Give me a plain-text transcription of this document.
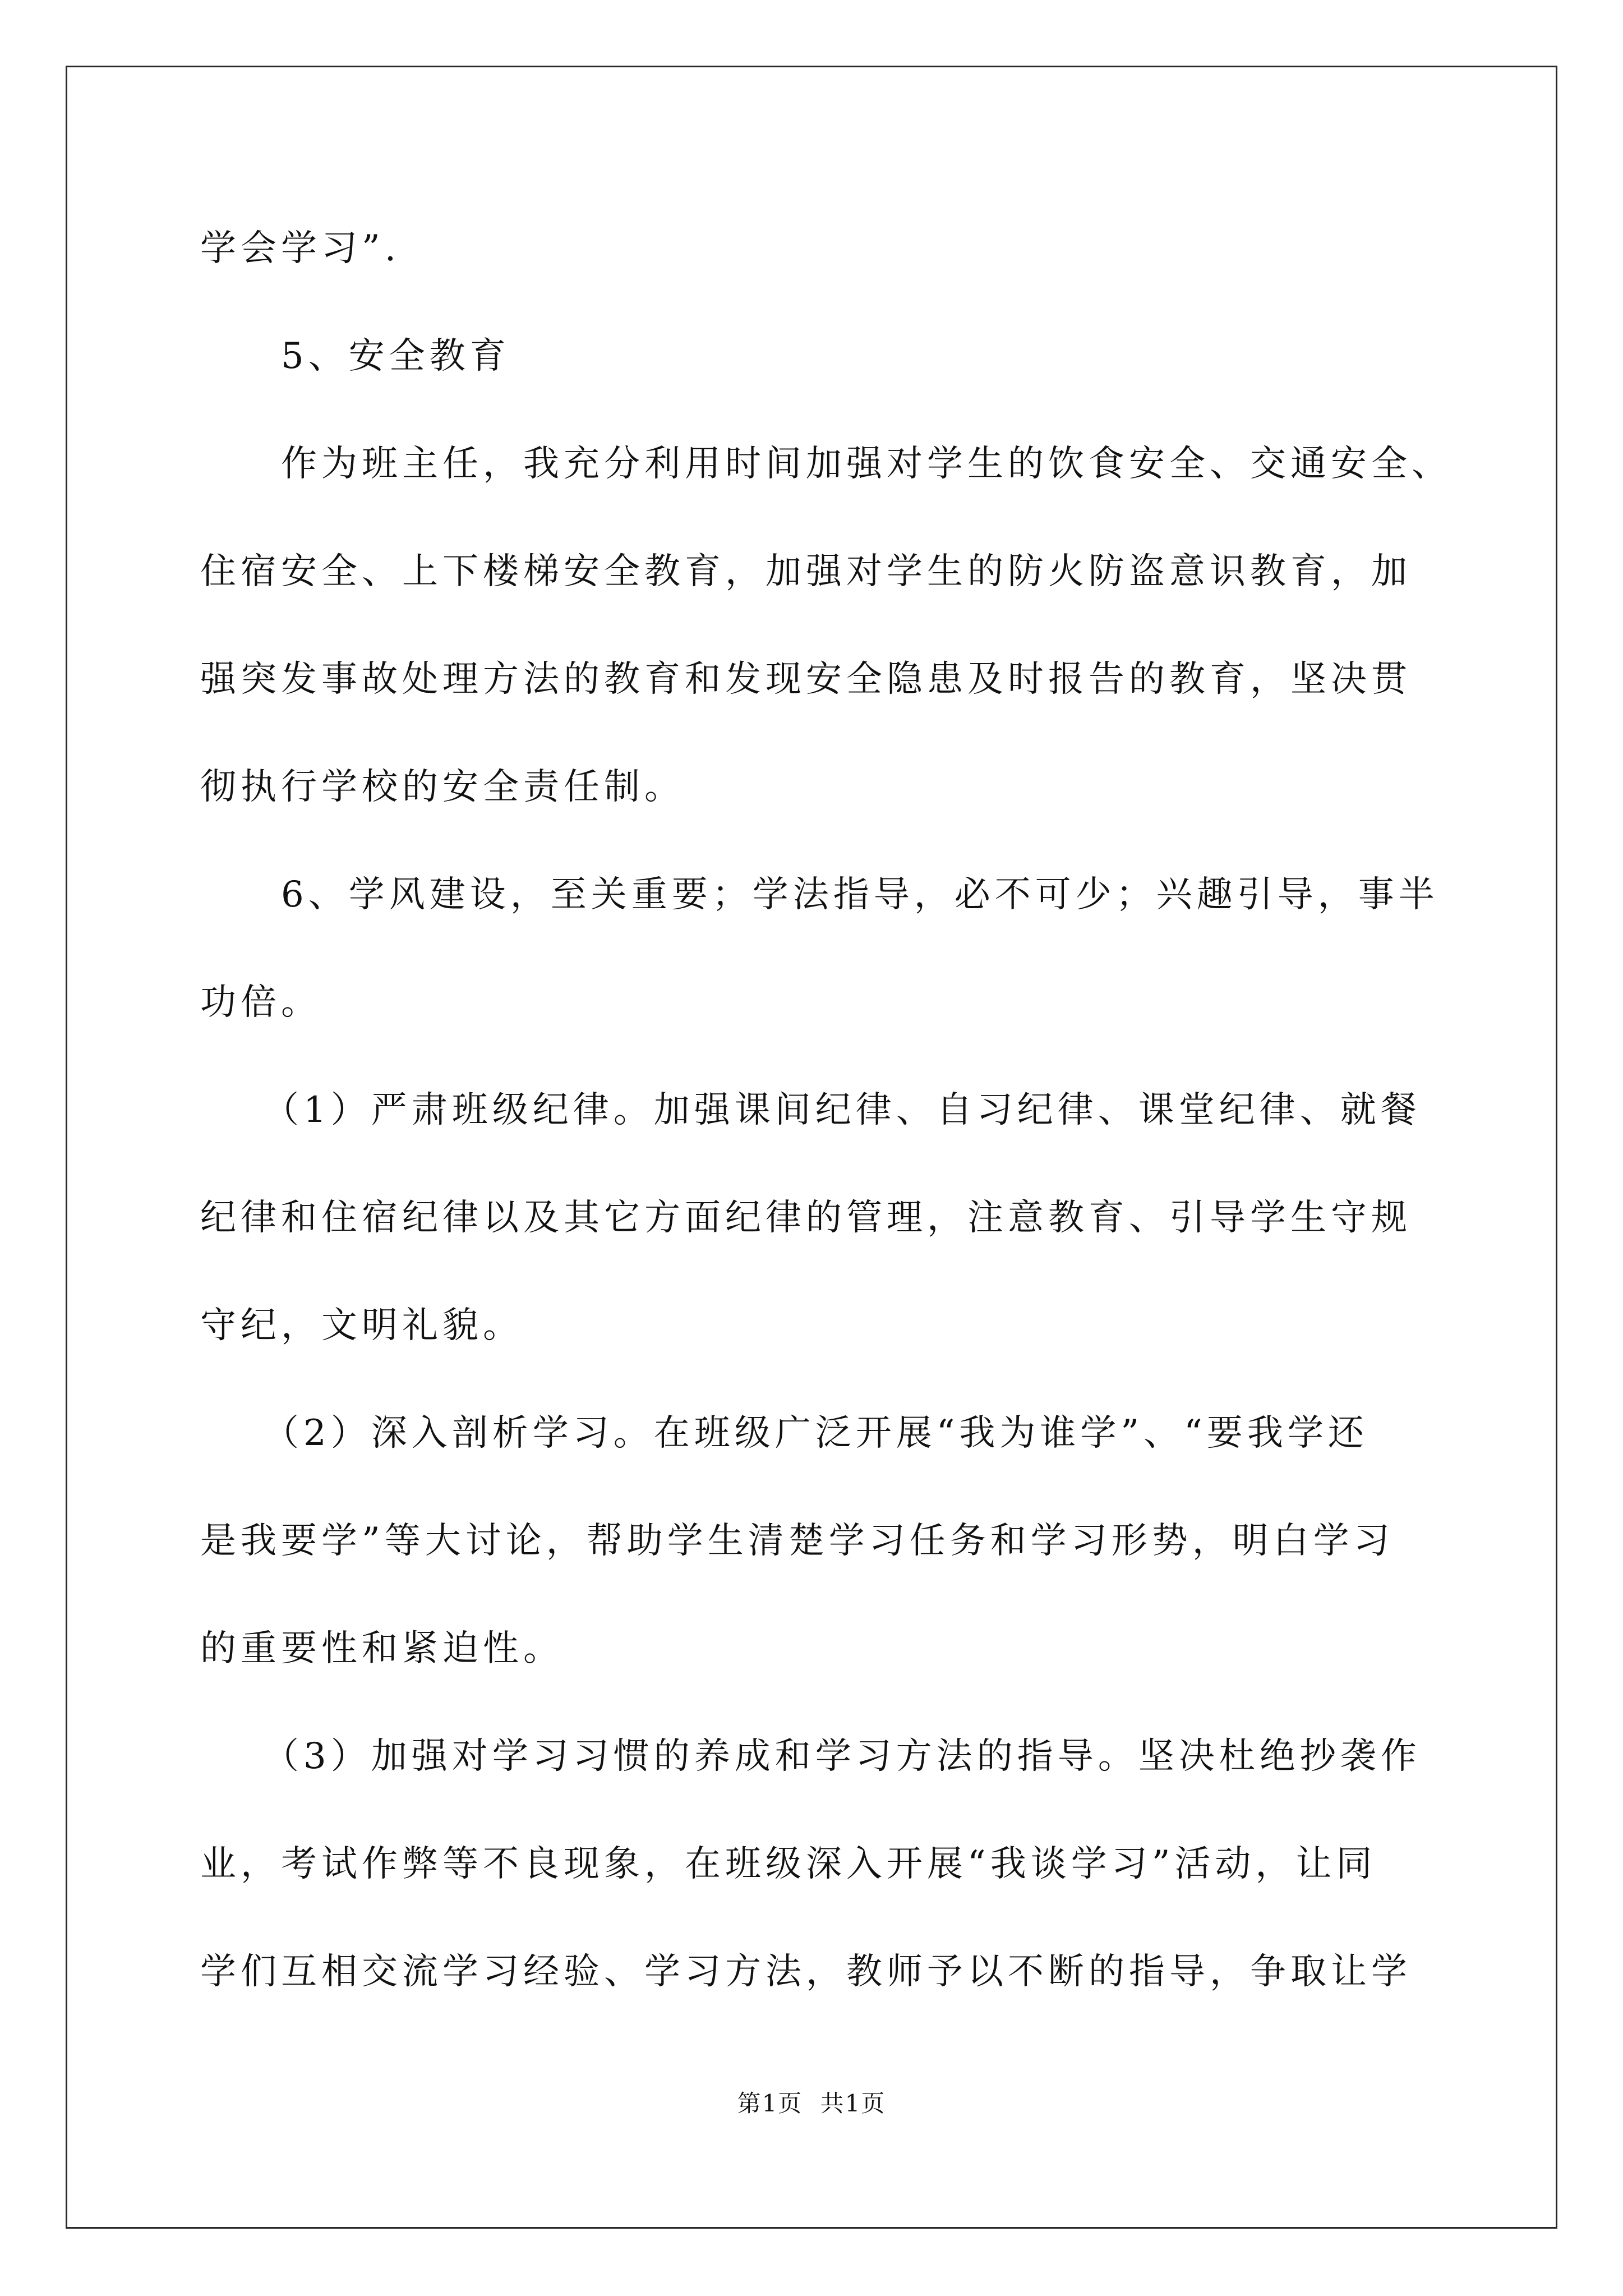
学会学习”.
　　5、安全教育
　　作为班主任，我充分利用时间加强对学生的饮食安全、交通安全、
住宿安全、上下楼梯安全教育，加强对学生的防火防盗意识教育，加
强突发事故处理方法的教育和发现安全隐患及时报告的教育，坚决贯
彻执行学校的安全责任制。
　　6、学风建设，至关重要；学法指导，必不可少；兴趣引导，事半
功倍。
　　（1）严肃班级纪律。加强课间纪律、自习纪律、课堂纪律、就餐
纪律和住宿纪律以及其它方面纪律的管理，注意教育、引导学生守规
守纪，文明礼貌。
　　（2）深入剖析学习。在班级广泛开展“我为谁学”、“要我学还
是我要学”等大讨论，帮助学生清楚学习任务和学习形势，明白学习
的重要性和紧迫性。
　　（3）加强对学习习惯的养成和学习方法的指导。坚决杜绝抄袭作
业，考试作弊等不良现象，在班级深入开展“我谈学习”活动，让同
学们互相交流学习经验、学习方法，教师予以不断的指导，争取让学
第1页 共1页
